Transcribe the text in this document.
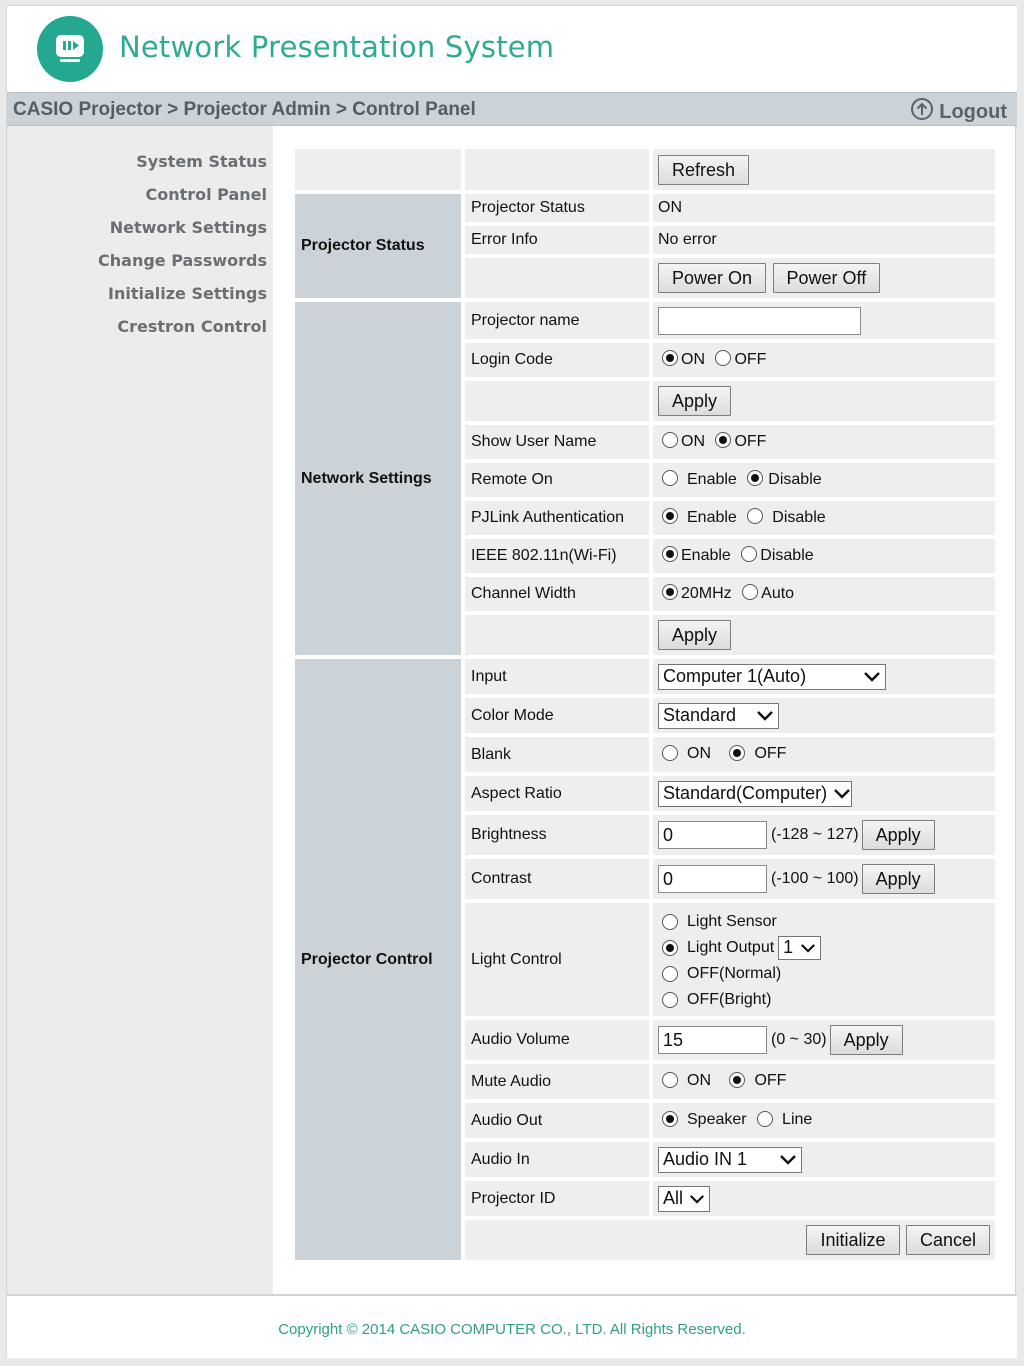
Network Presentation System
CASIO Projector > Projector Admin > Control Panel	Logout
System Status
Control Panel
Network Settings
Change Passwords
Initialize Settings
Crestron Control
		Refresh
Projector Status	Projector Status	ON
	Error Info	No error
		Power On Power Off
Network Settings	Projector name	
	Login Code	ON OFF
		Apply
	Show User Name	ON OFF
	Remote On	Enable Disable
	PJLink Authentication	Enable Disable
	IEEE 802.11n(Wi-Fi)	Enable Disable
	Channel Width	20MHz Auto
		Apply
Projector Control	Input	Computer 1(Auto)

	Color Mode	Standard

	Blank	ON OFF
	Aspect Ratio	Standard(Computer)

	Brightness	0 (-128 ~ 127) Apply
	Contrast	0 (-100 ~ 100) Apply
	Light Control	Light Sensor
Light Output 1
OFF(Normal)
OFF(Bright)

	Audio Volume	15 (0 ~ 30) Apply
	Mute Audio	ON OFF
	Audio Out	Speaker Line
	Audio In	Audio IN 1

	Projector ID	All

	Initialize Cancel	
Copyright © 2014 CASIO COMPUTER CO., LTD. All Rights Reserved.
